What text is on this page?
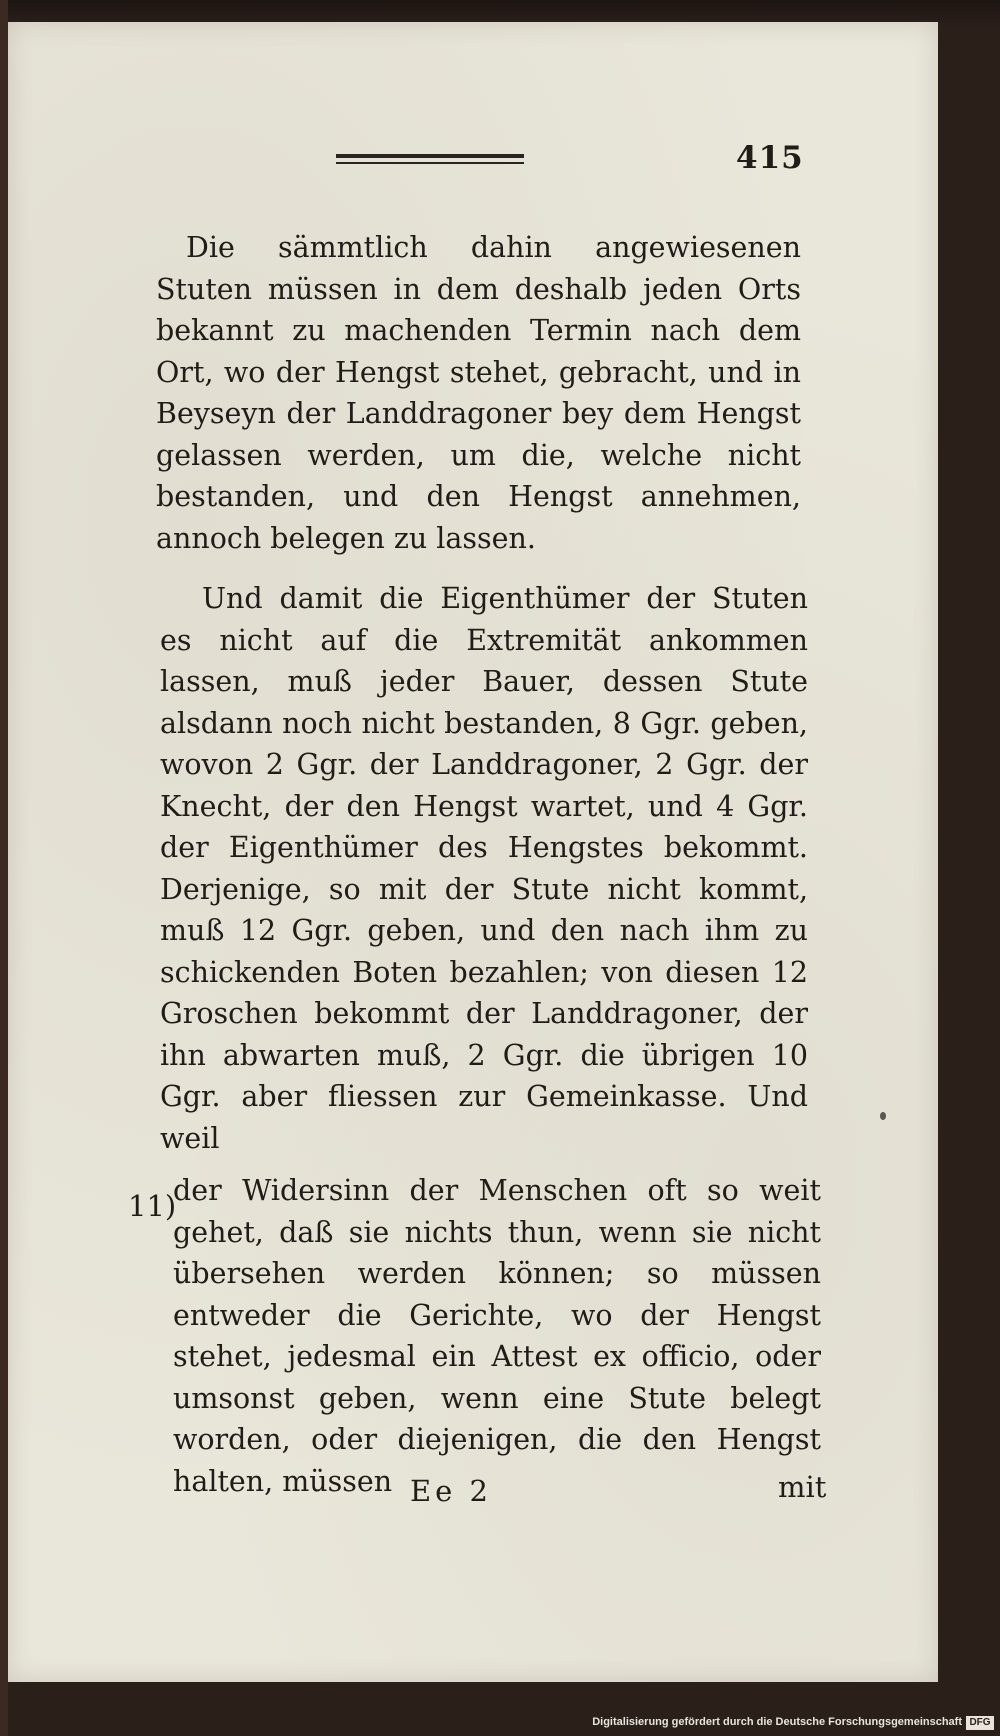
415

Die sämmtlich dahin angewiesenen Stuten müssen in dem deshalb jeden Orts bekannt zu machenden Termin nach dem Ort, wo der Hengst stehet, gebracht, und in Beyseyn der Landdragoner bey dem Hengst gelassen werden, um die, welche nicht bestanden, und den Hengst annehmen, annoch belegen zu lassen.

Und damit die Eigenthümer der Stuten es nicht auf die Extremität ankommen lassen, muß jeder Bauer, dessen Stute alsdann noch nicht bestanden, 8 Ggr. geben, wovon 2 Ggr. der Landdragoner, 2 Ggr. der Knecht, der den Hengst wartet, und 4 Ggr. der Eigenthümer des Hengstes bekommt. Derjenige, so mit der Stute nicht kommt, muß 12 Ggr. geben, und den nach ihm zu schickenden Boten bezahlen; von diesen 12 Groschen bekommt der Landdragoner, der ihn abwarten muß, 2 Ggr. die übrigen 10 Ggr. aber fliessen zur Gemeinkasse. Und weil

11)

der Widersinn der Menschen oft so weit gehet, daß sie nichts thun, wenn sie nicht übersehen werden können; so müssen entweder die Gerichte, wo der Hengst stehet, jedesmal ein Attest ex officio, oder umsonst geben, wenn eine Stute belegt worden, oder diejenigen, die den Hengst halten, müssen Ee 2	mit
Digitalisierung gefördert durch die Deutsche Forschungsgemeinschaft DFG
